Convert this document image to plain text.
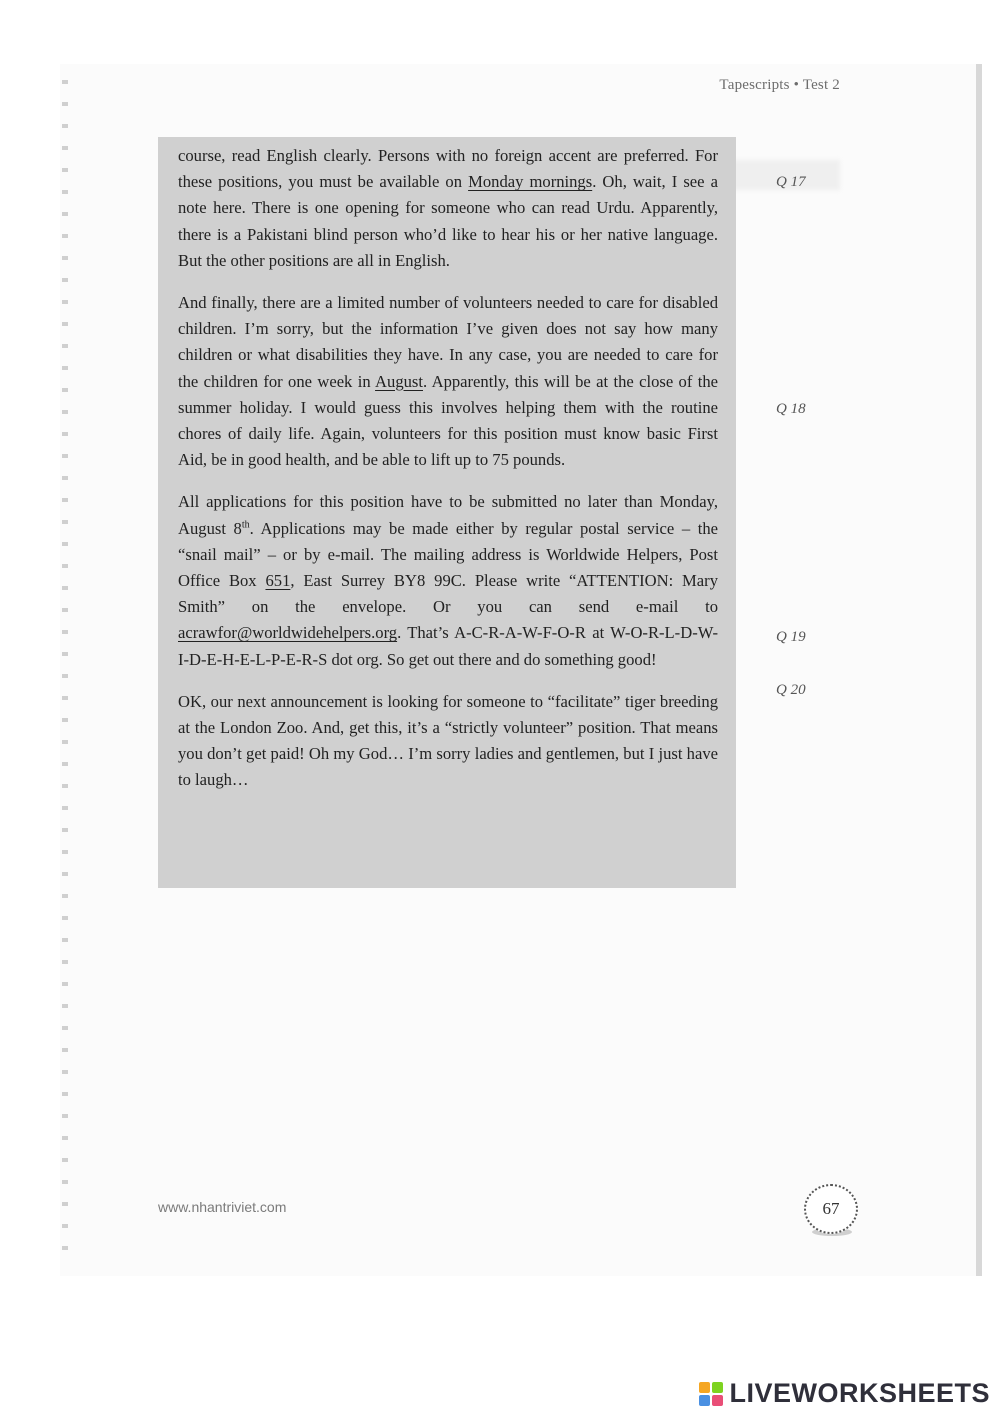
Tapescripts • Test 2

course, read English clearly. Persons with no foreign accent are preferred. For these positions, you must be available on Monday mornings. Oh, wait, I see a note here. There is one opening for someone who can read Urdu. Apparently, there is a Pakistani blind person who’d like to hear his or her native language. But the other positions are all in English.

And finally, there are a limited number of volunteers needed to care for disabled children. I’m sorry, but the information I’ve given does not say how many children or what disabilities they have. In any case, you are needed to care for the children for one week in August. Apparently, this will be at the close of the summer holiday. I would guess this involves helping them with the routine chores of daily life. Again, volunteers for this position must know basic First Aid, be in good health, and be able to lift up to 75 pounds.

All applications for this position have to be submitted no later than Monday, August 8th. Applications may be made either by regular postal service – the “snail mail” – or by e-mail. The mailing address is Worldwide Helpers, Post Office Box 651, East Surrey BY8 99C. Please write “ATTENTION: Mary Smith” on the envelope. Or you can send e-mail to acrawfor@worldwidehelpers.org. That’s A-C-R-A-W-F-O-R at W-O-R-L-D-W-I-D-E-H-E-L-P-E-R-S dot org. So get out there and do something good!

OK, our next announcement is looking for someone to “facilitate” tiger breeding at the London Zoo. And, get this, it’s a “strictly volunteer” position. That means you don’t get paid! Oh my God… I’m sorry ladies and gentlemen, but I just have to laugh…

Q 17
Q 18
Q 19
Q 20
www.nhantriviet.com	67
LIVEWORKSHEETS
